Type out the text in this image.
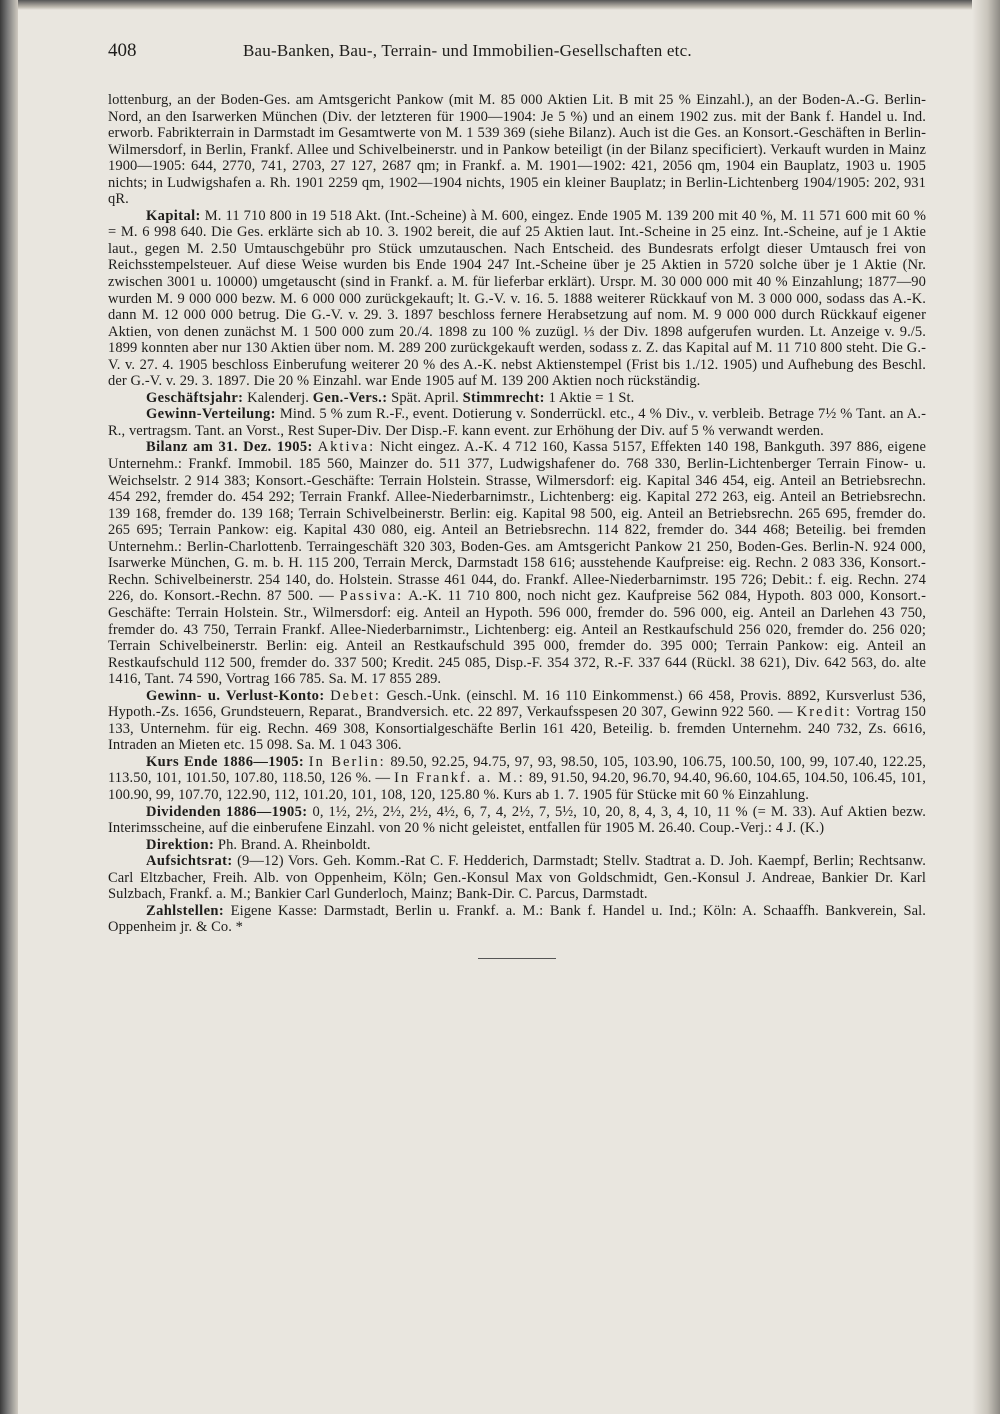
408	Bau-Banken, Bau-, Terrain- und Immobilien-Gesellschaften etc.

lottenburg, an der Boden-Ges. am Amtsgericht Pankow (mit M. 85 000 Aktien Lit. B mit 25 % Einzahl.), an der Boden-A.-G. Berlin-Nord, an den Isarwerken München (Div. der letzteren für 1900—1904: Je 5 %) und an einem 1902 zus. mit der Bank f. Handel u. Ind. erworb. Fabrikterrain in Darmstadt im Gesamtwerte von M. 1 539 369 (siehe Bilanz). Auch ist die Ges. an Konsort.-Geschäften in Berlin-Wilmersdorf, in Berlin, Frankf. Allee und Schivelbeinerstr. und in Pankow beteiligt (in der Bilanz specificiert). Verkauft wurden in Mainz 1900—1905: 644, 2770, 741, 2703, 27 127, 2687 qm; in Frankf. a. M. 1901—1902: 421, 2056 qm, 1904 ein Bauplatz, 1903 u. 1905 nichts; in Ludwigshafen a. Rh. 1901 2259 qm, 1902—1904 nichts, 1905 ein kleiner Bauplatz; in Berlin-Lichtenberg 1904/1905: 202, 931 qR.

Kapital: M. 11 710 800 in 19 518 Akt. (Int.-Scheine) à M. 600, eingez. Ende 1905 M. 139 200 mit 40 %, M. 11 571 600 mit 60 % = M. 6 998 640. Die Ges. erklärte sich ab 10. 3. 1902 bereit, die auf 25 Aktien laut. Int.-Scheine in 25 einz. Int.-Scheine, auf je 1 Aktie laut., gegen M. 2.50 Umtauschgebühr pro Stück umzutauschen. Nach Entscheid. des Bundesrats erfolgt dieser Umtausch frei von Reichsstempelsteuer. Auf diese Weise wurden bis Ende 1904 247 Int.-Scheine über je 25 Aktien in 5720 solche über je 1 Aktie (Nr. zwischen 3001 u. 10000) umgetauscht (sind in Frankf. a. M. für lieferbar erklärt). Urspr. M. 30 000 000 mit 40 % Einzahlung; 1877—90 wurden M. 9 000 000 bezw. M. 6 000 000 zurückgekauft; lt. G.-V. v. 16. 5. 1888 weiterer Rückkauf von M. 3 000 000, sodass das A.-K. dann M. 12 000 000 betrug. Die G.-V. v. 29. 3. 1897 beschloss fernere Herabsetzung auf nom. M. 9 000 000 durch Rückkauf eigener Aktien, von denen zunächst M. 1 500 000 zum 20./4. 1898 zu 100 % zuzügl. ⅓ der Div. 1898 aufgerufen wurden. Lt. Anzeige v. 9./5. 1899 konnten aber nur 130 Aktien über nom. M. 289 200 zurückgekauft werden, sodass z. Z. das Kapital auf M. 11 710 800 steht. Die G.-V. v. 27. 4. 1905 beschloss Einberufung weiterer 20 % des A.-K. nebst Aktienstempel (Frist bis 1./12. 1905) und Aufhebung des Beschl. der G.-V. v. 29. 3. 1897. Die 20 % Einzahl. war Ende 1905 auf M. 139 200 Aktien noch rückständig.

Geschäftsjahr: Kalenderj. Gen.-Vers.: Spät. April. Stimmrecht: 1 Aktie = 1 St.

Gewinn-Verteilung: Mind. 5 % zum R.-F., event. Dotierung v. Sonderrückl. etc., 4 % Div., v. verbleib. Betrage 7½ % Tant. an A.-R., vertragsm. Tant. an Vorst., Rest Super-Div. Der Disp.-F. kann event. zur Erhöhung der Div. auf 5 % verwandt werden.

Bilanz am 31. Dez. 1905: Aktiva: Nicht eingez. A.-K. 4 712 160, Kassa 5157, Effekten 140 198, Bankguth. 397 886, eigene Unternehm.: Frankf. Immobil. 185 560, Mainzer do. 511 377, Ludwigshafener do. 768 330, Berlin-Lichtenberger Terrain Finow- u. Weichselstr. 2 914 383; Konsort.-Geschäfte: Terrain Holstein. Strasse, Wilmersdorf: eig. Kapital 346 454, eig. Anteil an Betriebsrechn. 454 292, fremder do. 454 292; Terrain Frankf. Allee-Niederbarnimstr., Lichtenberg: eig. Kapital 272 263, eig. Anteil an Betriebsrechn. 139 168, fremder do. 139 168; Terrain Schivelbeinerstr. Berlin: eig. Kapital 98 500, eig. Anteil an Betriebsrechn. 265 695, fremder do. 265 695; Terrain Pankow: eig. Kapital 430 080, eig. Anteil an Betriebsrechn. 114 822, fremder do. 344 468; Beteilig. bei fremden Unternehm.: Berlin-Charlottenb. Terraingeschäft 320 303, Boden-Ges. am Amtsgericht Pankow 21 250, Boden-Ges. Berlin-N. 924 000, Isarwerke München, G. m. b. H. 115 200, Terrain Merck, Darmstadt 158 616; ausstehende Kaufpreise: eig. Rechn. 2 083 336, Konsort.-Rechn. Schivelbeinerstr. 254 140, do. Holstein. Strasse 461 044, do. Frankf. Allee-Niederbarnimstr. 195 726; Debit.: f. eig. Rechn. 274 226, do. Konsort.-Rechn. 87 500. — Passiva: A.-K. 11 710 800, noch nicht gez. Kaufpreise 562 084, Hypoth. 803 000, Konsort.-Geschäfte: Terrain Holstein. Str., Wilmersdorf: eig. Anteil an Hypoth. 596 000, fremder do. 596 000, eig. Anteil an Darlehen 43 750, fremder do. 43 750, Terrain Frankf. Allee-Niederbarnimstr., Lichtenberg: eig. Anteil an Restkaufschuld 256 020, fremder do. 256 020; Terrain Schivelbeinerstr. Berlin: eig. Anteil an Restkaufschuld 395 000, fremder do. 395 000; Terrain Pankow: eig. Anteil an Restkaufschuld 112 500, fremder do. 337 500; Kredit. 245 085, Disp.-F. 354 372, R.-F. 337 644 (Rückl. 38 621), Div. 642 563, do. alte 1416, Tant. 74 590, Vortrag 166 785. Sa. M. 17 855 289.

Gewinn- u. Verlust-Konto: Debet: Gesch.-Unk. (einschl. M. 16 110 Einkommenst.) 66 458, Provis. 8892, Kursverlust 536, Hypoth.-Zs. 1656, Grundsteuern, Reparat., Brandversich. etc. 22 897, Verkaufsspesen 20 307, Gewinn 922 560. — Kredit: Vortrag 150 133, Unternehm. für eig. Rechn. 469 308, Konsortialgeschäfte Berlin 161 420, Beteilig. b. fremden Unternehm. 240 732, Zs. 6616, Intraden an Mieten etc. 15 098. Sa. M. 1 043 306.

Kurs Ende 1886—1905: In Berlin: 89.50, 92.25, 94.75, 97, 93, 98.50, 105, 103.90, 106.75, 100.50, 100, 99, 107.40, 122.25, 113.50, 101, 101.50, 107.80, 118.50, 126 %. — In Frankf. a. M.: 89, 91.50, 94.20, 96.70, 94.40, 96.60, 104.65, 104.50, 106.45, 101, 100.90, 99, 107.70, 122.90, 112, 101.20, 101, 108, 120, 125.80 %. Kurs ab 1. 7. 1905 für Stücke mit 60 % Einzahlung.

Dividenden 1886—1905: 0, 1½, 2½, 2½, 2½, 4½, 6, 7, 4, 2½, 7, 5½, 10, 20, 8, 4, 3, 4, 10, 11 % (= M. 33). Auf Aktien bezw. Interimsscheine, auf die einberufene Einzahl. von 20 % nicht geleistet, entfallen für 1905 M. 26.40. Coup.-Verj.: 4 J. (K.)

Direktion: Ph. Brand. A. Rheinboldt.

Aufsichtsrat: (9—12) Vors. Geh. Komm.-Rat C. F. Hedderich, Darmstadt; Stellv. Stadtrat a. D. Joh. Kaempf, Berlin; Rechtsanw. Carl Eltzbacher, Freih. Alb. von Oppenheim, Köln; Gen.-Konsul Max von Goldschmidt, Gen.-Konsul J. Andreae, Bankier Dr. Karl Sulzbach, Frankf. a. M.; Bankier Carl Gunderloch, Mainz; Bank-Dir. C. Parcus, Darmstadt.

Zahlstellen: Eigene Kasse: Darmstadt, Berlin u. Frankf. a. M.: Bank f. Handel u. Ind.; Köln: A. Schaaffh. Bankverein, Sal. Oppenheim jr. & Co. *
